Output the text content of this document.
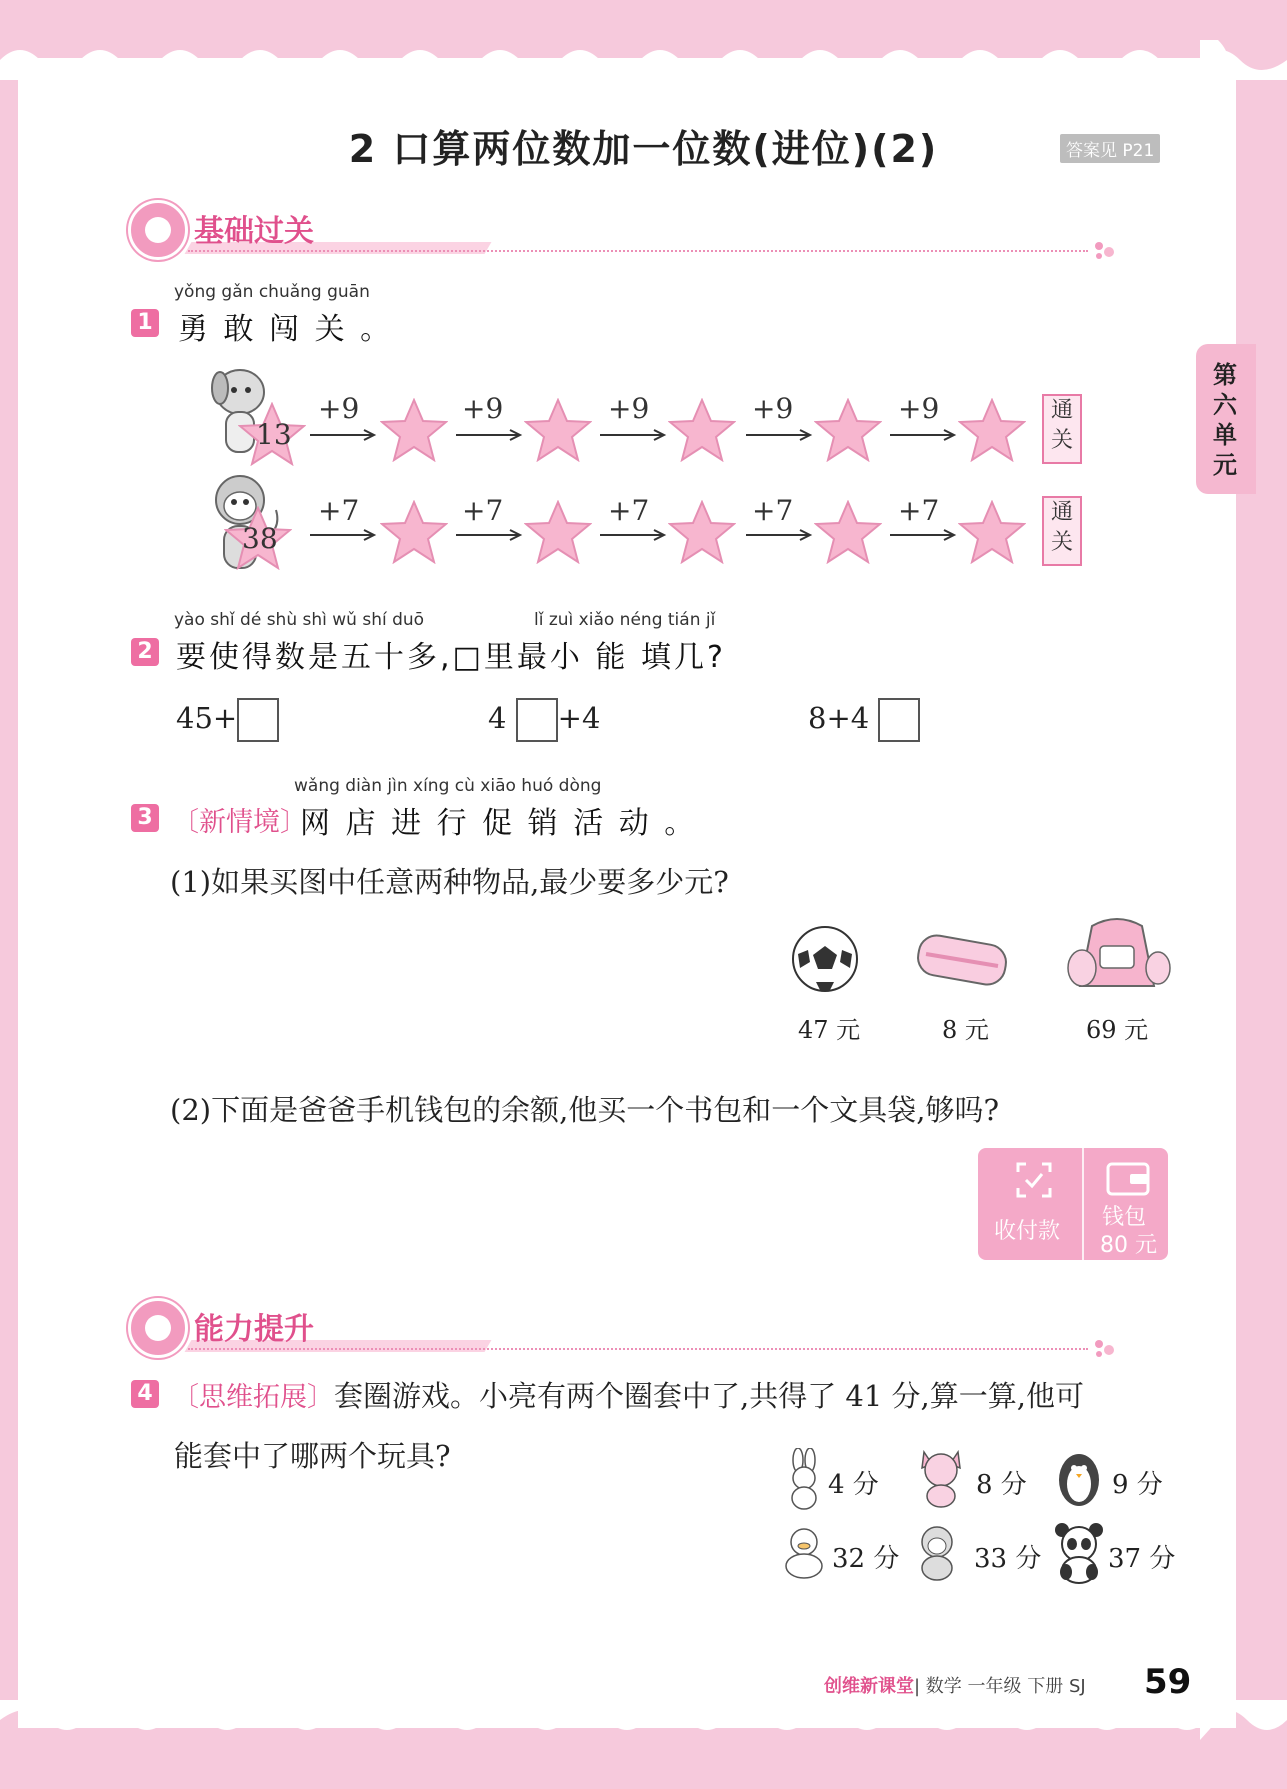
第六单元
2 口算两位数加一位数(进位)(2)	答案见 P21
基础过关
yǒng gǎn chuǎng guān
1 勇 敢 闯 关 。
13
+9	+9	+9	+9	+9	通关
38
+7	+7	+7	+7	+7	通关
yào shǐ dé shù shì wǔ shí duō	lǐ zuì xiǎo néng tián jǐ
2 要使得数是五十多,□里最小 能 填几?
45+	4 +4	8+4
wǎng diàn jìn xíng cù xiāo huó dòng
3 〔新情境〕
网 店 进 行 促 销 活 动 。
(1)如果买图中任意两种物品,最少要多少元?
47 元	8 元	69 元
(2)下面是爸爸手机钱包的余额,他买一个书包和一个文具袋,够吗?
收付款
钱包
80 元
能力提升
4 〔思维拓展〕套圈游戏。小亮有两个圈套中了,共得了 41 分,算一算,他可
能套中了哪两个玩具?
4 分	8 分	9 分
32 分	33 分	37 分
创维新课堂| 数学 一年级 下册 SJ 59
